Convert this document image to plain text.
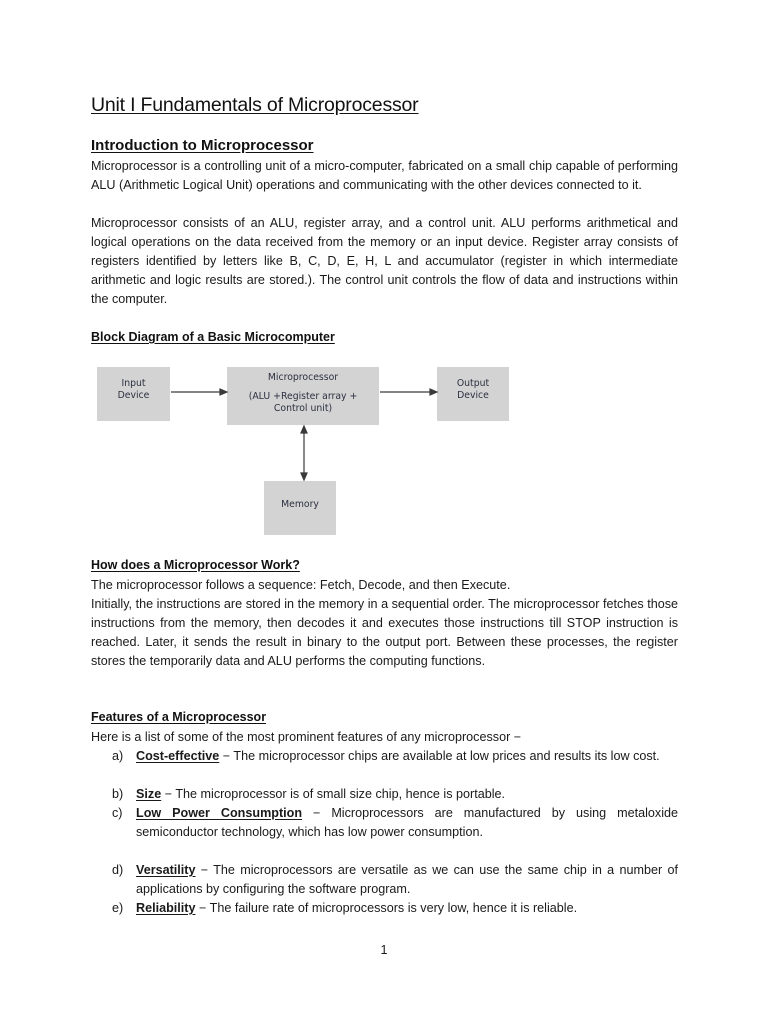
Unit I Fundamentals of Microprocessor
Introduction to Microprocessor

Microprocessor is a controlling unit of a micro-computer, fabricated on a small chip capable of performing ALU (Arithmetic Logical Unit) operations and communicating with the other devices connected to it.

Microprocessor consists of an ALU, register array, and a control unit. ALU performs arithmetical and logical operations on the data received from the memory or an input device. Register array consists of registers identified by letters like B, C, D, E, H, L and accumulator (register in which intermediate arithmetic and logic results are stored.). The control unit controls the flow of data and instructions within the computer.

Block Diagram of a Basic Microcomputer
Input
Device
Microprocessor
(ALU +Register array +
Control unit)
Output
Device
Memory
How does a Microprocessor Work?

The microprocessor follows a sequence: Fetch, Decode, and then Execute.

Initially, the instructions are stored in the memory in a sequential order. The microprocessor fetches those instructions from the memory, then decodes it and executes those instructions till STOP instruction is reached. Later, it sends the result in binary to the output port. Between these processes, the register stores the temporarily data and ALU performs the computing functions.

Features of a Microprocessor

Here is a list of some of the most prominent features of any microprocessor −

a)	Cost-effective − The microprocessor chips are available at low prices and results its low cost.
b)	Size − The microprocessor is of small size chip, hence is portable.
c)	Low Power Consumption − Microprocessors are manufactured by using metaloxide semiconductor technology, which has low power consumption.
d)	Versatility − The microprocessors are versatile as we can use the same chip in a number of applications by configuring the software program.
e)	Reliability − The failure rate of microprocessors is very low, hence it is reliable.
1
